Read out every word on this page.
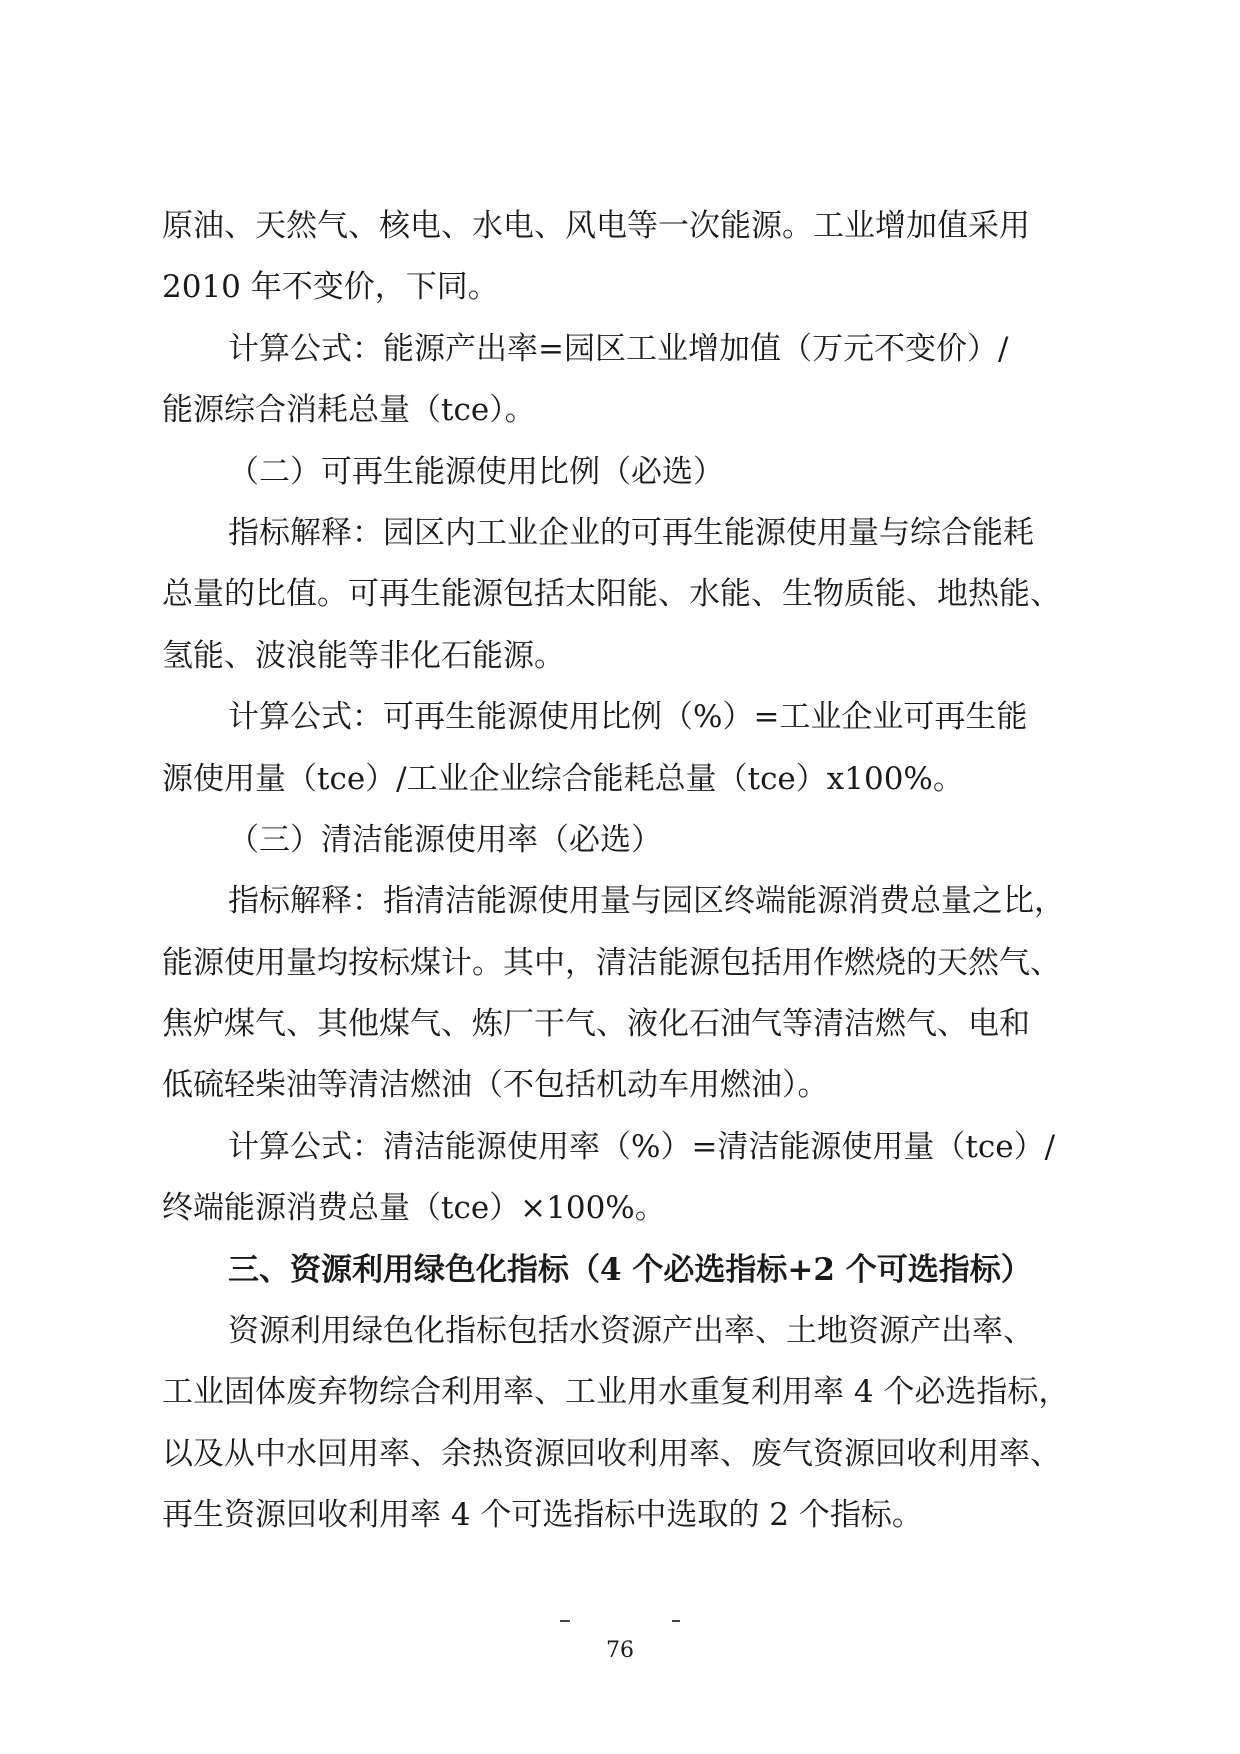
原油、天然气、核电、水电、风电等一次能源。工业增加值采用
2010 年不变价，下同。
计算公式：能源产出率=园区工业增加值（万元不变价）/
能源综合消耗总量（tce）。
（二）可再生能源使用比例（必选）
指标解释：园区内工业企业的可再生能源使用量与综合能耗
总量的比值。可再生能源包括太阳能、水能、生物质能、地热能、
氢能、波浪能等非化石能源。
计算公式：可再生能源使用比例（%）=工业企业可再生能
源使用量（tce）/工业企业综合能耗总量（tce）x100%。
（三）清洁能源使用率（必选）
指标解释：指清洁能源使用量与园区终端能源消费总量之比，
能源使用量均按标煤计。其中，清洁能源包括用作燃烧的天然气、
焦炉煤气、其他煤气、炼厂干气、液化石油气等清洁燃气、电和
低硫轻柴油等清洁燃油（不包括机动车用燃油）。
计算公式：清洁能源使用率（%）=清洁能源使用量（tce）/
终端能源消费总量（tce）×100%。
三、资源利用绿色化指标（4 个必选指标+2 个可选指标）
资源利用绿色化指标包括水资源产出率、土地资源产出率、
工业固体废弃物综合利用率、工业用水重复利用率 4 个必选指标，
以及从中水回用率、余热资源回收利用率、废气资源回收利用率、
再生资源回收利用率 4 个可选指标中选取的 2 个指标。
76
